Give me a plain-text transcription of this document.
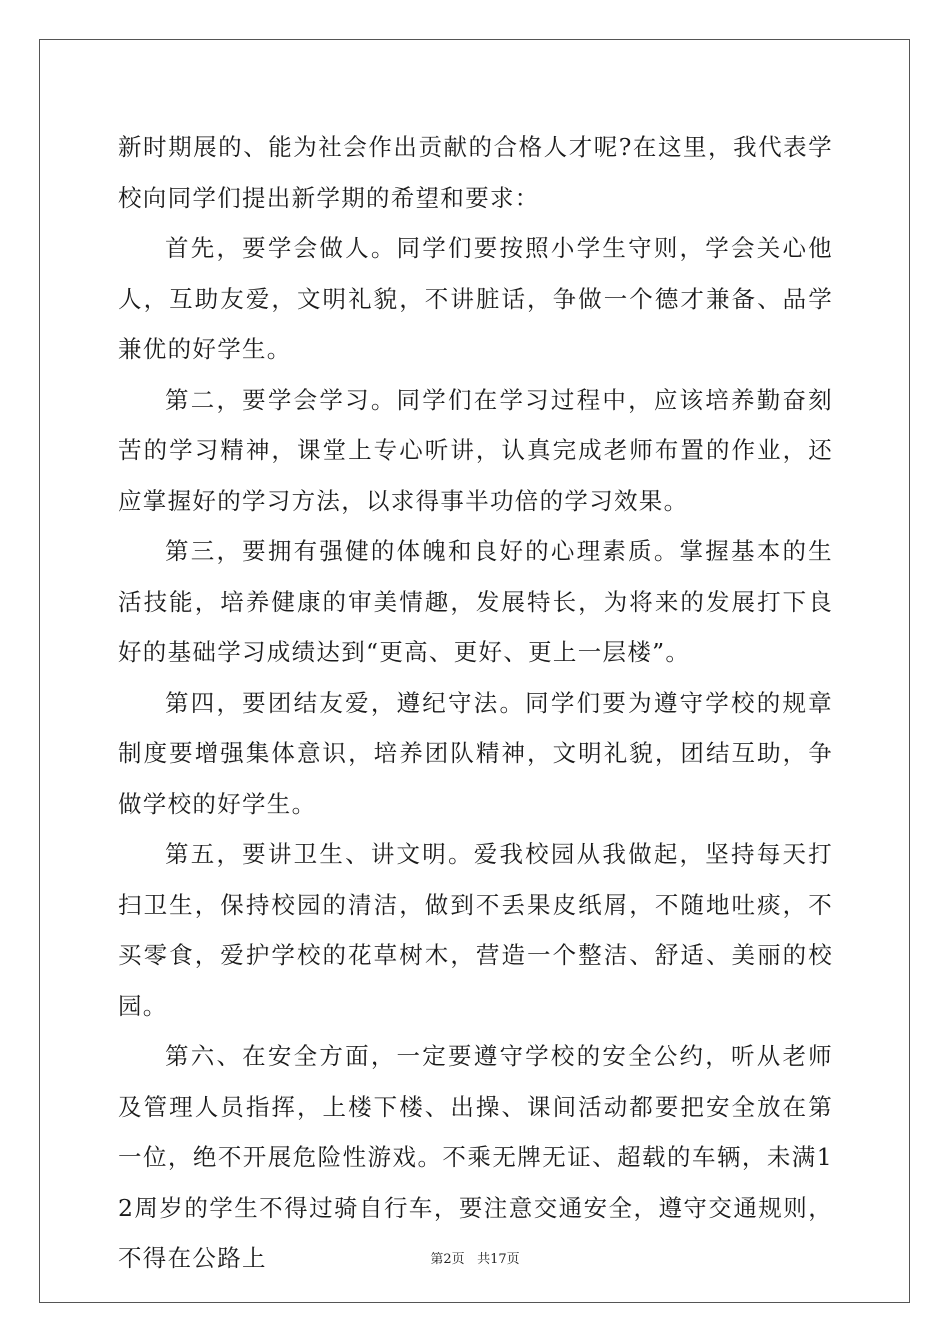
新时期展的、能为社会作出贡献的合格人才呢?在这里，我代表学校向同学们提出新学期的希望和要求：

首先，要学会做人。同学们要按照小学生守则，学会关心他人，互助友爱，文明礼貌，不讲脏话，争做一个德才兼备、品学兼优的好学生。

第二，要学会学习。同学们在学习过程中，应该培养勤奋刻苦的学习精神，课堂上专心听讲，认真完成老师布置的作业，还应掌握好的学习方法，以求得事半功倍的学习效果。

第三，要拥有强健的体魄和良好的心理素质。掌握基本的生活技能，培养健康的审美情趣，发展特长，为将来的发展打下良好的基础学习成绩达到“更高、更好、更上一层楼”。

第四，要团结友爱，遵纪守法。同学们要为遵守学校的规章制度要增强集体意识，培养团队精神，文明礼貌，团结互助，争做学校的好学生。

第五，要讲卫生、讲文明。爱我校园从我做起，坚持每天打扫卫生，保持校园的清洁，做到不丢果皮纸屑，不随地吐痰，不买零食，爱护学校的花草树木，营造一个整洁、舒适、美丽的校园。

第六、在安全方面，一定要遵守学校的安全公约，听从老师及管理人员指挥，上楼下楼、出操、课间活动都要把安全放在第一位，绝不开展危险性游戏。不乘无牌无证、超载的车辆，未满12周岁的学生不得过骑自行车，要注意交通安全，遵守交通规则，不得在公路上	第2页 共17页
